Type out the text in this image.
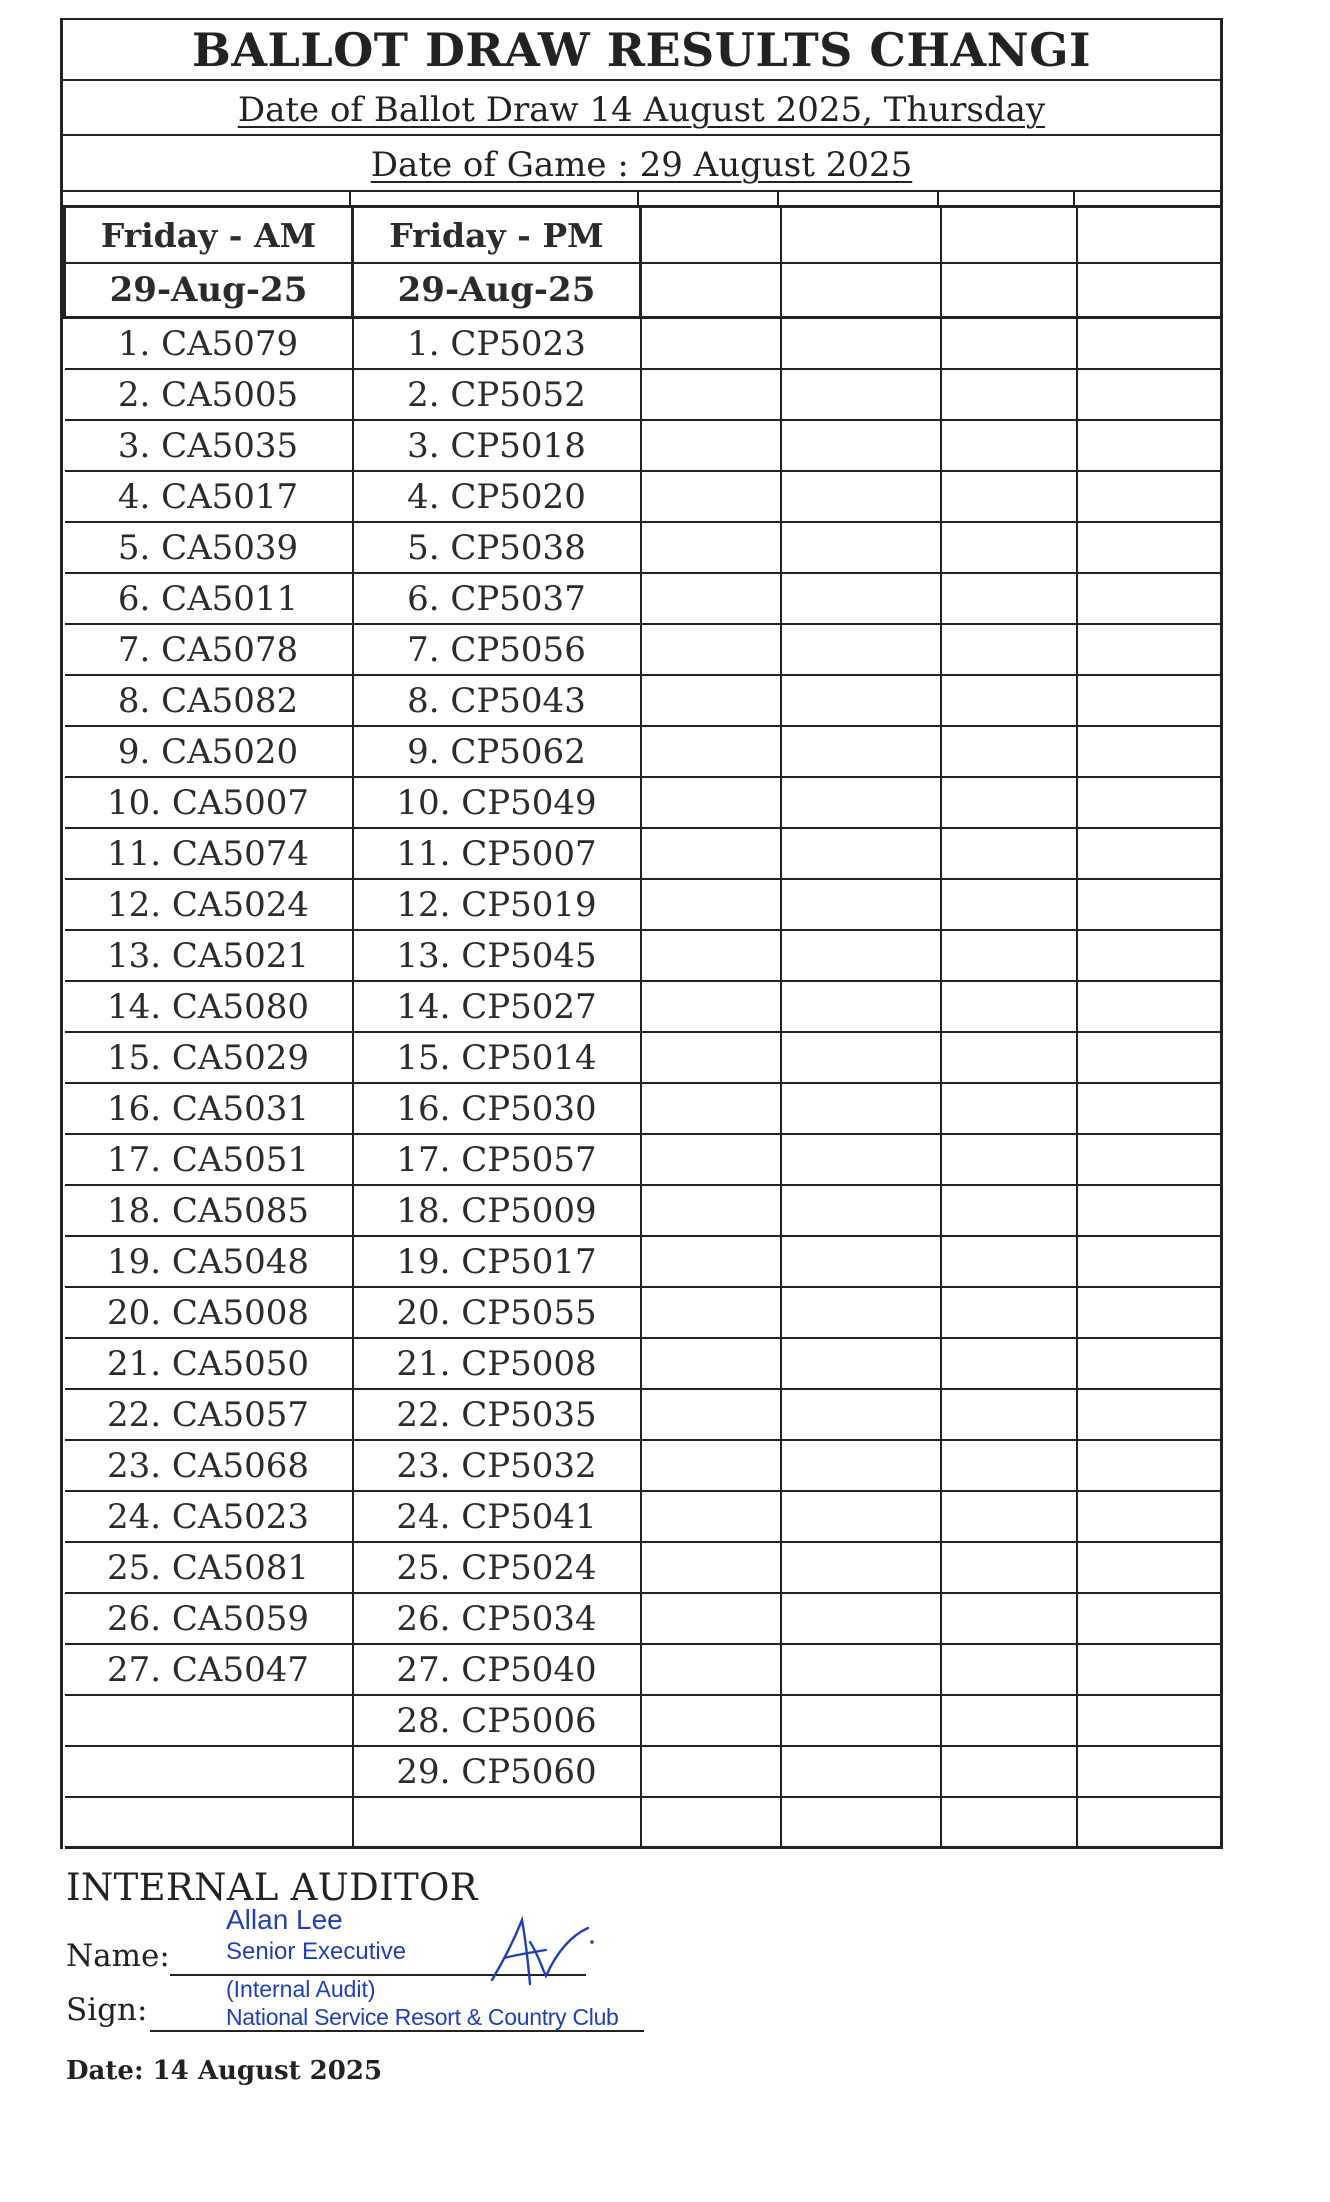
BALLOT DRAW RESULTS CHANGI
Date of Ballot Draw 14 August 2025, Thursday
Date of Game : 29 August 2025
Friday - AM	Friday - PM				
29-Aug-25	29-Aug-25				
1. CA5079	1. CP5023				
2. CA5005	2. CP5052				
3. CA5035	3. CP5018				
4. CA5017	4. CP5020				
5. CA5039	5. CP5038				
6. CA5011	6. CP5037				
7. CA5078	7. CP5056				
8. CA5082	8. CP5043				
9. CA5020	9. CP5062				
10. CA5007	10. CP5049				
11. CA5074	11. CP5007				
12. CA5024	12. CP5019				
13. CA5021	13. CP5045				
14. CA5080	14. CP5027				
15. CA5029	15. CP5014				
16. CA5031	16. CP5030				
17. CA5051	17. CP5057				
18. CA5085	18. CP5009				
19. CA5048	19. CP5017				
20. CA5008	20. CP5055				
21. CA5050	21. CP5008				
22. CA5057	22. CP5035				
23. CA5068	23. CP5032				
24. CA5023	24. CP5041				
25. CA5081	25. CP5024				
26. CA5059	26. CP5034				
27. CA5047	27. CP5040				
	28. CP5006				
	29. CP5060				

INTERNAL AUDITOR
Name:
Allan Lee
Senior Executive
Sign:
(Internal Audit)
National Service Resort & Country Club
Date: 14 August 2025
